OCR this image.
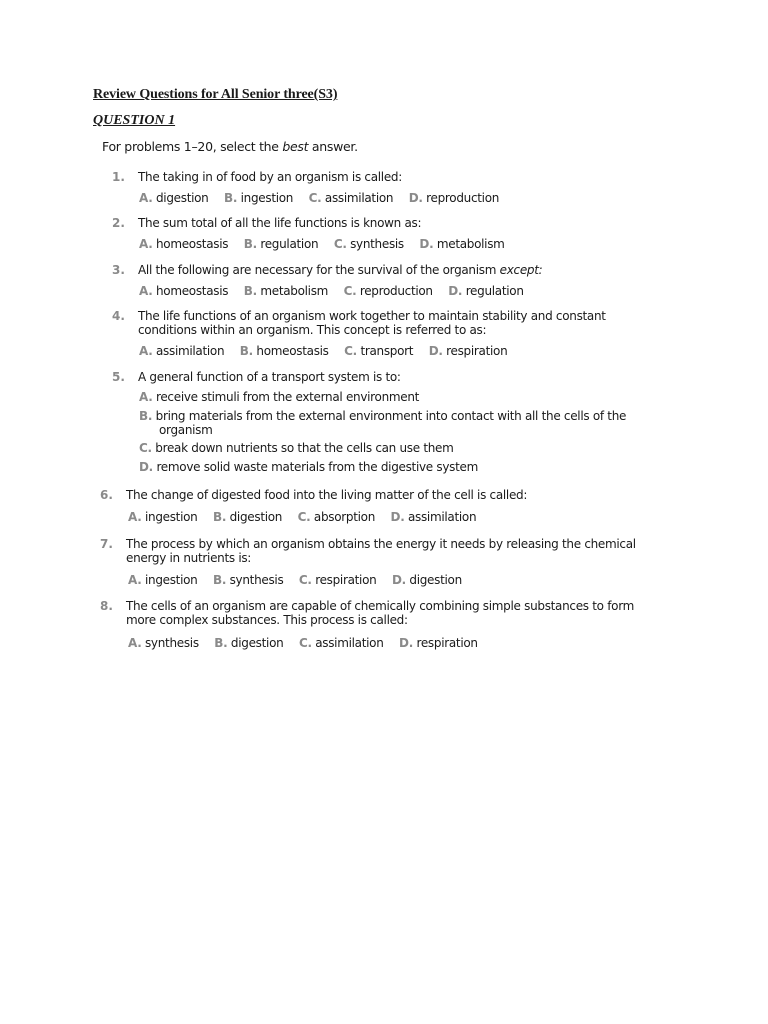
Review Questions for All Senior three(S3)
QUESTION 1
For problems 1–20, select the best answer.
1. The taking in of food by an organism is called:
A. digestion B. ingestion C. assimilation D. reproduction
2. The sum total of all the life functions is known as:
A. homeostasis B. regulation C. synthesis D. metabolism
3. All the following are necessary for the survival of the organism except:
A. homeostasis B. metabolism C. reproduction D. regulation
4. The life functions of an organism work together to maintain stability and constant
conditions within an organism. This concept is referred to as:
A. assimilation B. homeostasis C. transport D. respiration
5. A general function of a transport system is to:
A. receive stimuli from the external environment
B. bring materials from the external environment into contact with all the cells of the
organism
C. break down nutrients so that the cells can use them
D. remove solid waste materials from the digestive system
6. The change of digested food into the living matter of the cell is called:
A. ingestion B. digestion C. absorption D. assimilation
7. The process by which an organism obtains the energy it needs by releasing the chemical
energy in nutrients is:
A. ingestion B. synthesis C. respiration D. digestion
8. The cells of an organism are capable of chemically combining simple substances to form
more complex substances. This process is called:
A. synthesis B. digestion C. assimilation D. respiration
